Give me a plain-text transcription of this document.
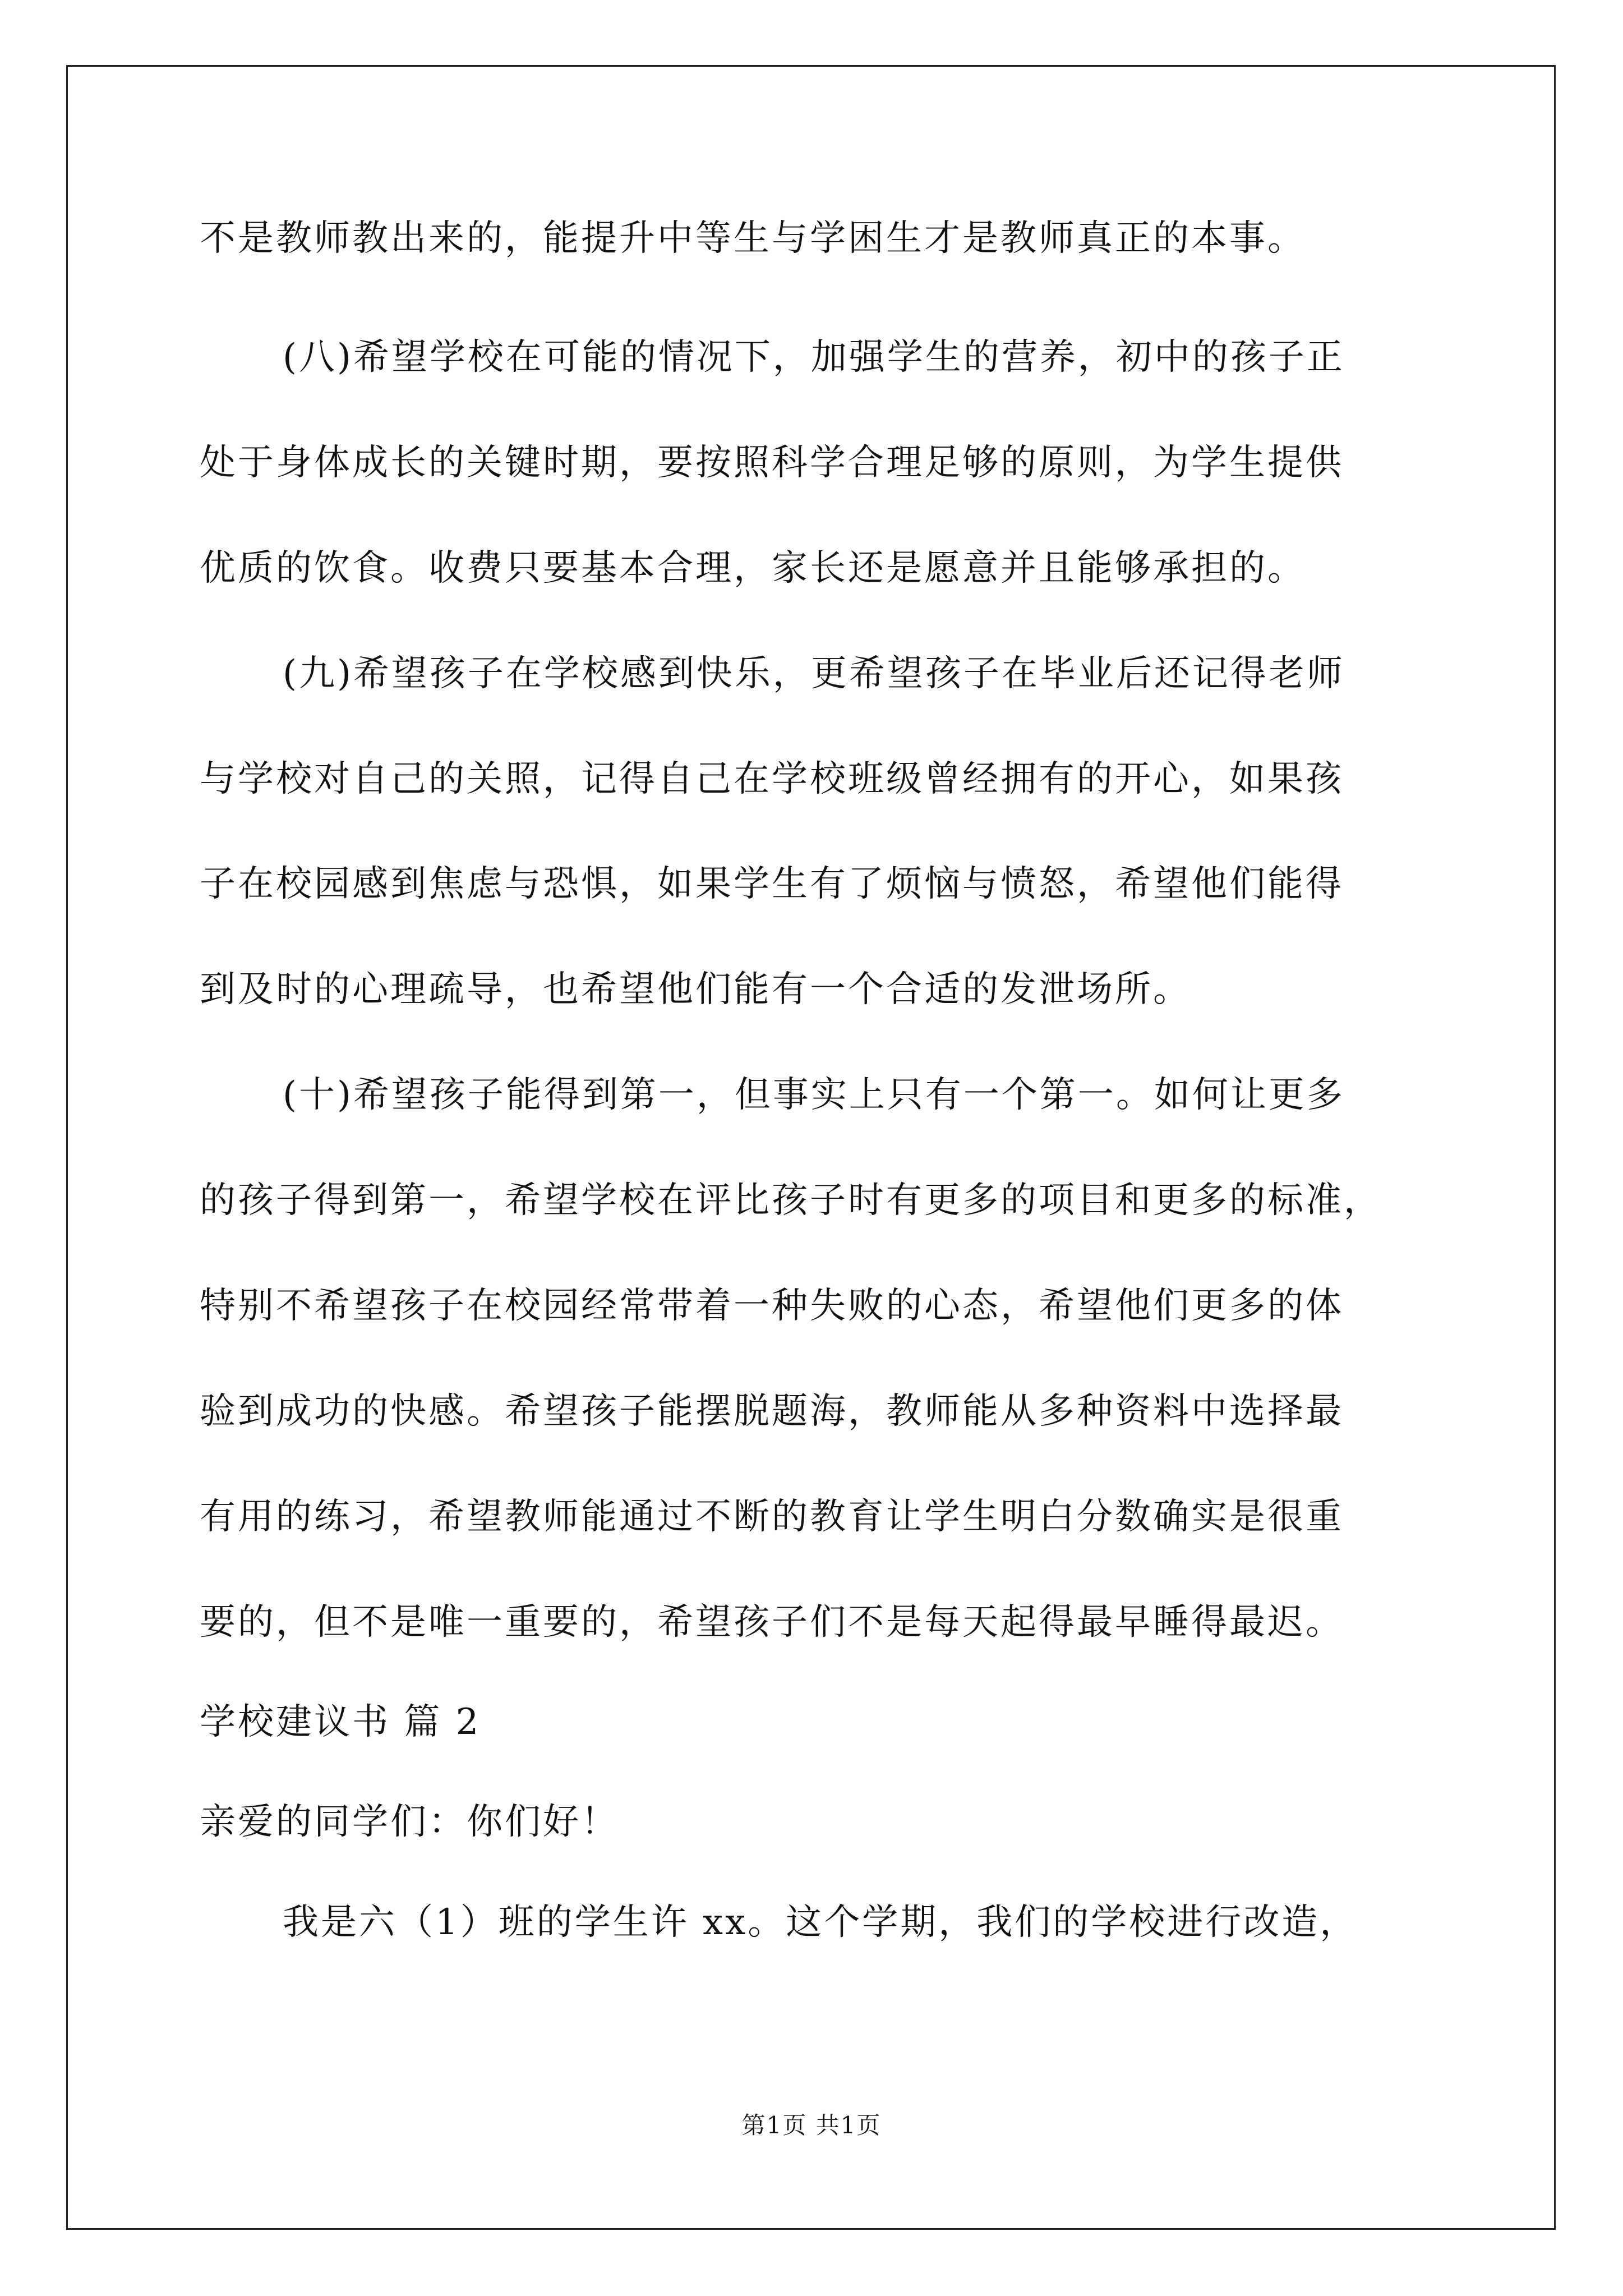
不是教师教出来的，能提升中等生与学困生才是教师真正的本事。
(八)希望学校在可能的情况下，加强学生的营养，初中的孩子正
处于身体成长的关键时期，要按照科学合理足够的原则，为学生提供
优质的饮食。收费只要基本合理，家长还是愿意并且能够承担的。
(九)希望孩子在学校感到快乐，更希望孩子在毕业后还记得老师
与学校对自己的关照，记得自己在学校班级曾经拥有的开心，如果孩
子在校园感到焦虑与恐惧，如果学生有了烦恼与愤怒，希望他们能得
到及时的心理疏导，也希望他们能有一个合适的发泄场所。
(十)希望孩子能得到第一，但事实上只有一个第一。如何让更多
的孩子得到第一，希望学校在评比孩子时有更多的项目和更多的标准，
特别不希望孩子在校园经常带着一种失败的心态，希望他们更多的体
验到成功的快感。希望孩子能摆脱题海，教师能从多种资料中选择最
有用的练习，希望教师能通过不断的教育让学生明白分数确实是很重
要的，但不是唯一重要的，希望孩子们不是每天起得最早睡得最迟。
学校建议书 篇 2
亲爱的同学们：你们好！
我是六（1）班的学生许 xx。这个学期，我们的学校进行改造，
第1页 共1页
